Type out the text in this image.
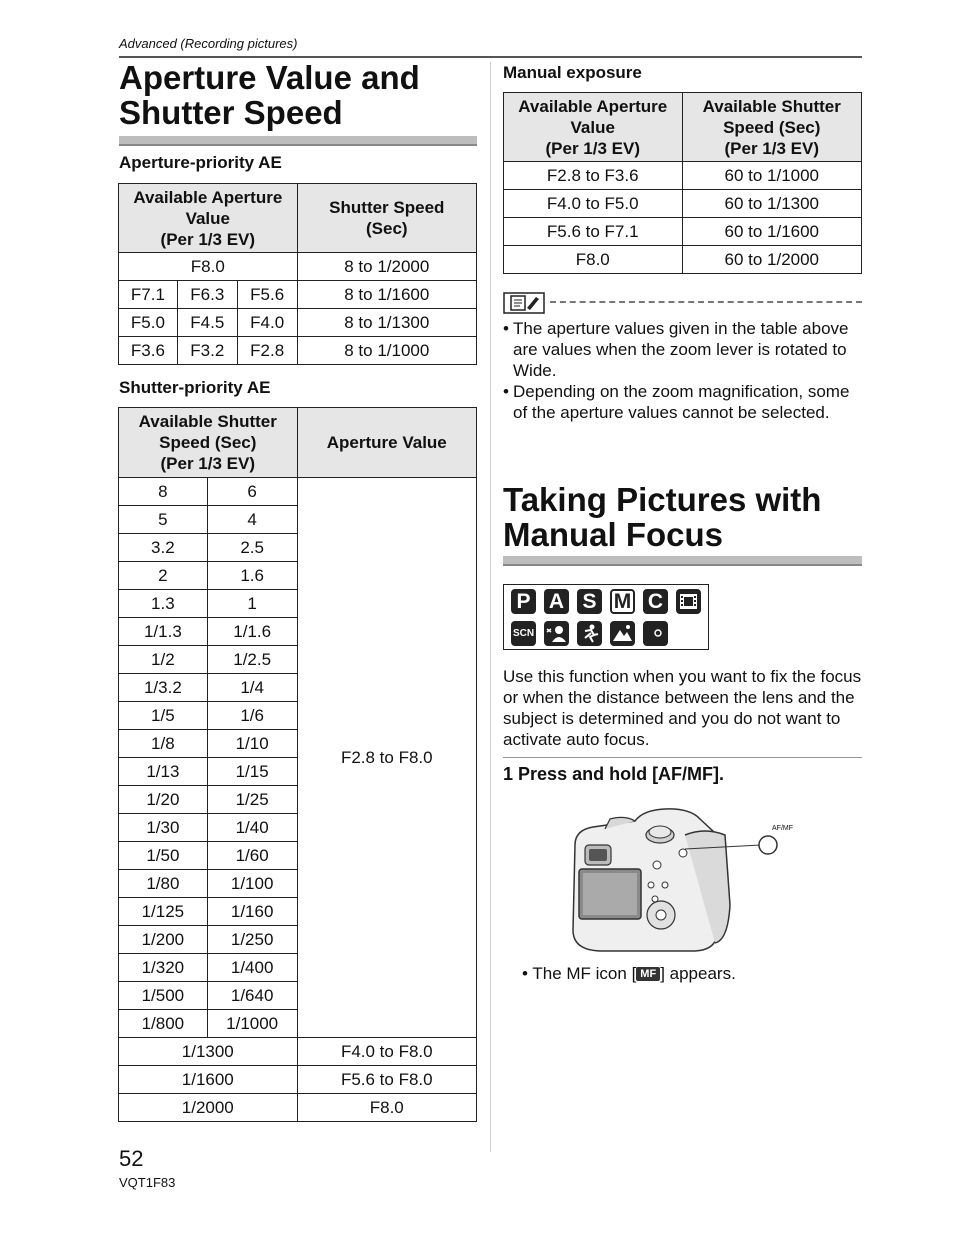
Advanced (Recording pictures)
Aperture Value and
Shutter Speed
Aperture-priority AE
Available Aperture
Value
(Per 1/3 EV)			Shutter Speed
(Sec)
F8.0			8 to 1/2000
F7.1	F6.3	F5.6	8 to 1/1600
F5.0	F4.5	F4.0	8 to 1/1300
F3.6	F3.2	F2.8	8 to 1/1000
Shutter-priority AE
Available Shutter
Speed (Sec)
(Per 1/3 EV)		Aperture Value
8	6	F2.8 to F8.0
5	4	
3.2	2.5	
2	1.6	
1.3	1	
1/1.3	1/1.6	
1/2	1/2.5	
1/3.2	1/4	
1/5	1/6	
1/8	1/10	
1/13	1/15	
1/20	1/25	
1/30	1/40	
1/50	1/60	
1/80	1/100	
1/125	1/160	
1/200	1/250	
1/320	1/400	
1/500	1/640	
1/800	1/1000	
1/1300		F4.0 to F8.0
1/1600		F5.6 to F8.0
1/2000		F8.0
Manual exposure
Available Aperture
Value
(Per 1/3 EV)	Available Shutter
Speed (Sec)
(Per 1/3 EV)
F2.8 to F3.6	60 to 1/1000
F4.0 to F5.0	60 to 1/1300
F5.6 to F7.1	60 to 1/1600
F8.0	60 to 1/2000
• The aperture values given in the table above are values when the zoom lever is rotated to Wide.
• Depending on the zoom magnification, some of the aperture values cannot be selected.
Taking Pictures with
Manual Focus
P A S M C
SCN
Use this function when you want to fix the focus or when the distance between the lens and the subject is determined and you do not want to activate auto focus.
1 Press and hold [AF/MF].
AF/MF
• The MF icon [ MF ] appears.
52
VQT1F83
